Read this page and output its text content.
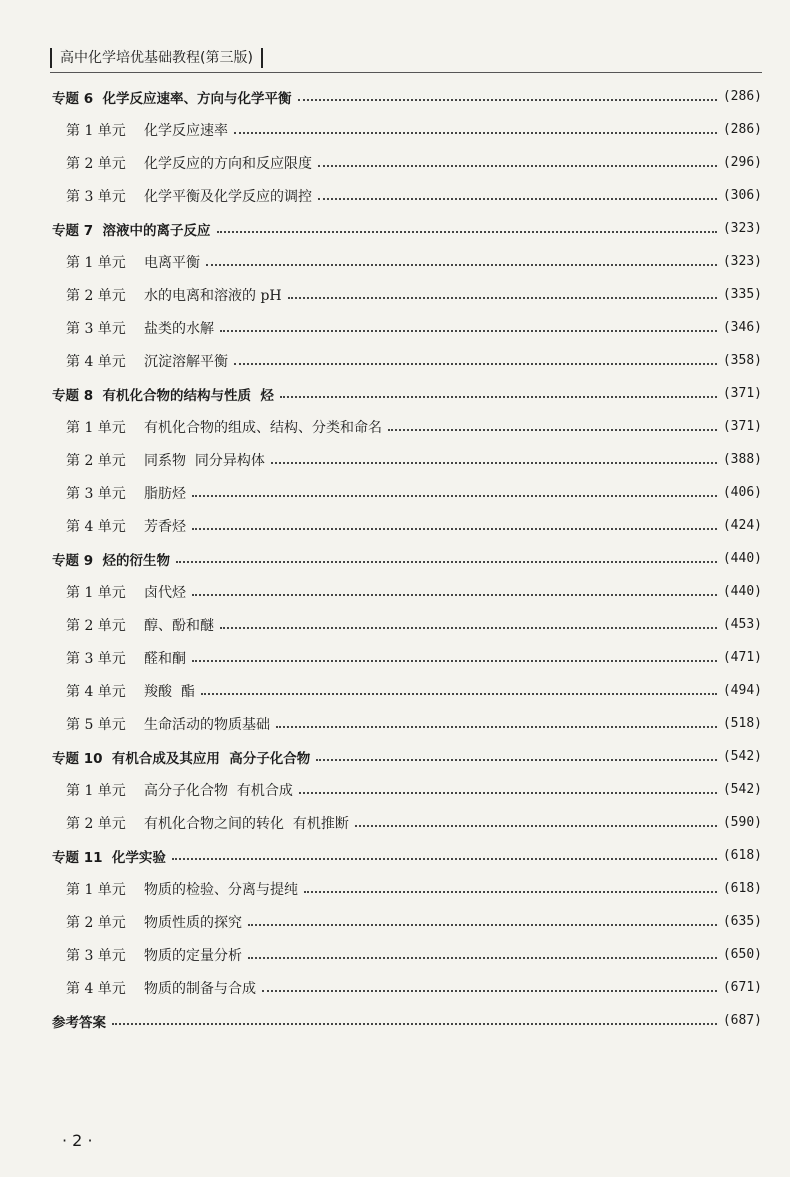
高中化学培优基础教程(第三版)
专题 6  化学反应速率、方向与化学平衡	(286)
第 1 单元	化学反应速率	(286)
第 2 单元	化学反应的方向和反应限度	(296)
第 3 单元	化学平衡及化学反应的调控	(306)
专题 7  溶液中的离子反应	(323)
第 1 单元	电离平衡	(323)
第 2 单元	水的电离和溶液的 pH	(335)
第 3 单元	盐类的水解	(346)
第 4 单元	沉淀溶解平衡	(358)
专题 8  有机化合物的结构与性质  烃	(371)
第 1 单元	有机化合物的组成、结构、分类和命名	(371)
第 2 单元	同系物  同分异构体	(388)
第 3 单元	脂肪烃	(406)
第 4 单元	芳香烃	(424)
专题 9  烃的衍生物	(440)
第 1 单元	卤代烃	(440)
第 2 单元	醇、酚和醚	(453)
第 3 单元	醛和酮	(471)
第 4 单元	羧酸  酯	(494)
第 5 单元	生命活动的物质基础	(518)
专题 10  有机合成及其应用  高分子化合物	(542)
第 1 单元	高分子化合物  有机合成	(542)
第 2 单元	有机化合物之间的转化  有机推断	(590)
专题 11  化学实验	(618)
第 1 单元	物质的检验、分离与提纯	(618)
第 2 单元	物质性质的探究	(635)
第 3 单元	物质的定量分析	(650)
第 4 单元	物质的制备与合成	(671)
参考答案	(687)
· 2 ·
